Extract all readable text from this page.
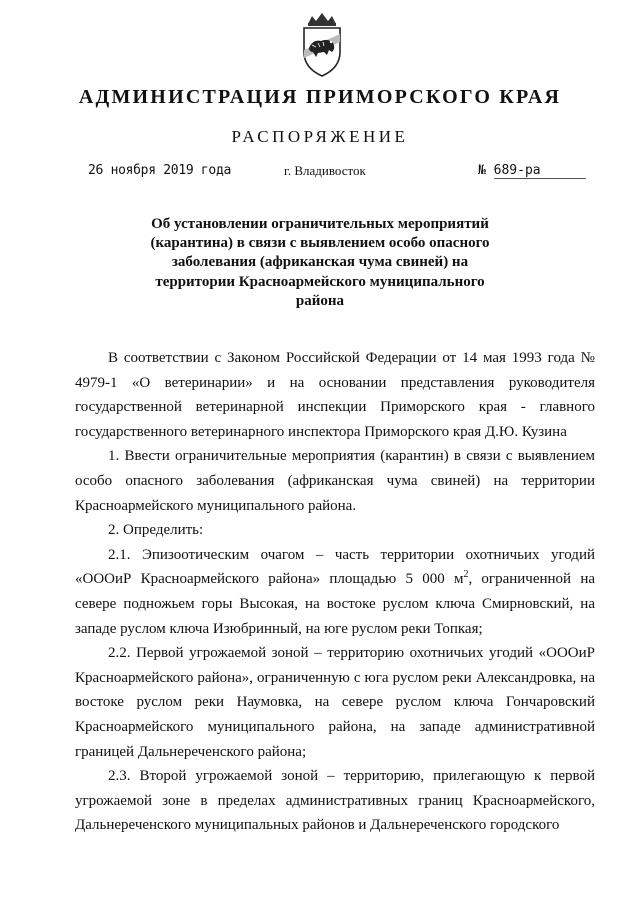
АДМИНИСТРАЦИЯ ПРИМОРСКОГО КРАЯ
РАСПОРЯЖЕНИЕ
26 ноября 2019 года	г. Владивосток	№ 689-ра
Об установлении ограничительных мероприятий (карантина) в связи с выявлением особо опасного заболевания (африканская чума свиней) на территории Красноармейского муниципального района

В соответствии с Законом Российской Федерации от 14 мая 1993 года № 4979-1 «О ветеринарии» и на основании представления руководителя государственной ветеринарной инспекции Приморского края - главного государственного ветеринарного инспектора Приморского края Д.Ю. Кузина

1. Ввести ограничительные мероприятия (карантин) в связи с выявлением особо опасного заболевания (африканская чума свиней) на территории Красноармейского муниципального района.

2. Определить:

2.1. Эпизоотическим очагом – часть территории охотничьих угодий «ОООиР Красноармейского района» площадью 5 000 $м^2$, ограниченной на севере подножьем горы Высокая, на востоке руслом ключа Смирновский, на западе руслом ключа Изюбринный, на юге руслом реки Топкая;

2.2. Первой угрожаемой зоной – территорию охотничьих угодий «ОООиР Красноармейского района», ограниченную с юга руслом реки Александровка, на востоке руслом реки Наумовка, на севере руслом ключа Гончаровский Красноармейского муниципального района, на западе административной границей Дальнереченского района;

2.3. Второй угрожаемой зоной – территорию, прилегающую к первой угрожаемой зоне в пределах административных границ Красноармейского, Дальнереченского муниципальных районов и Дальнереченского городского
